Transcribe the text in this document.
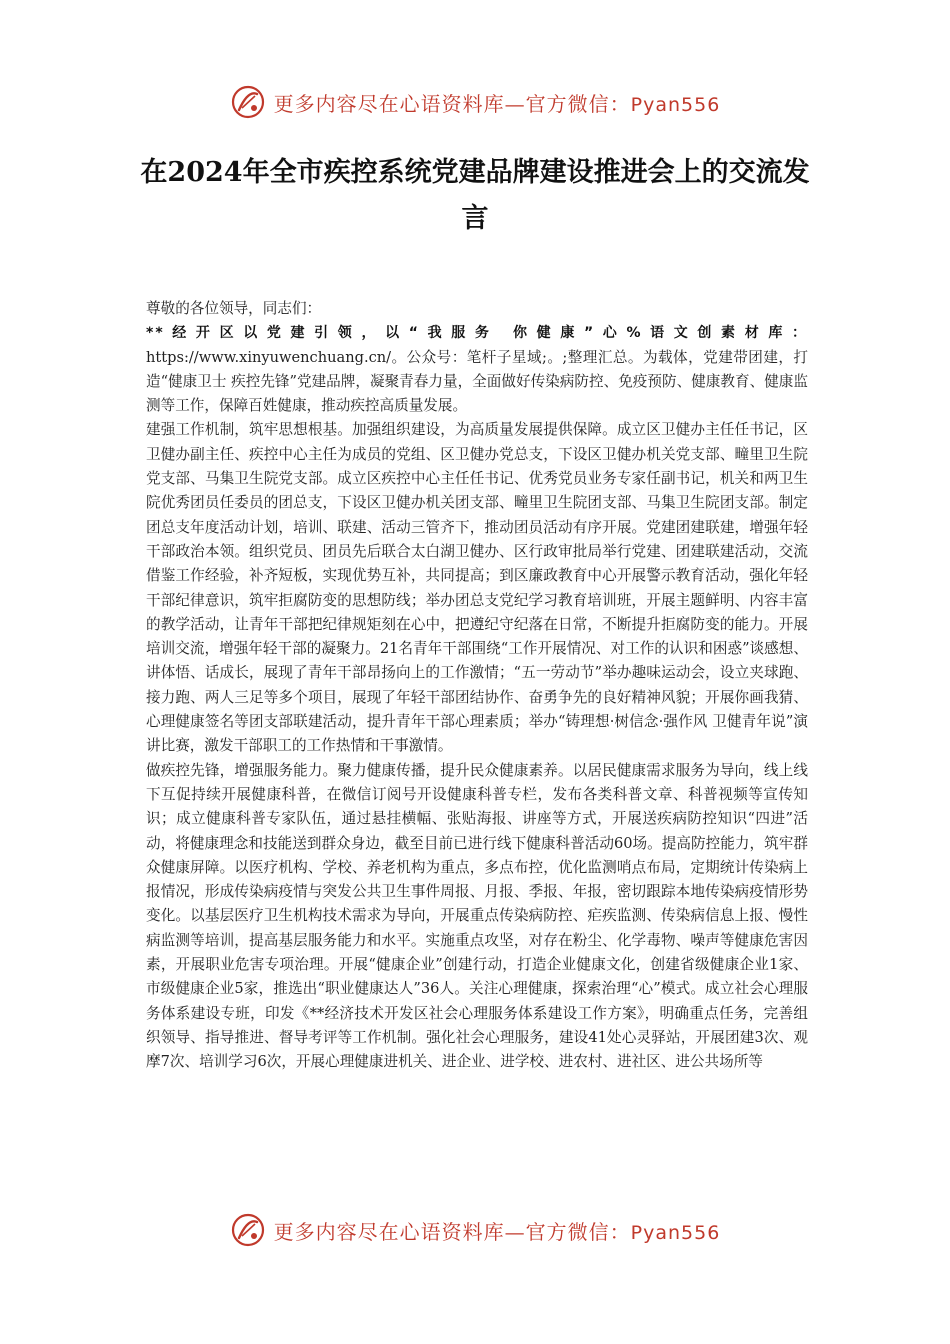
更多内容尽在心语资料库—官方微信：Pyan556
在2024年全市疾控系统党建品牌建设推进会上的交流发言

尊敬的各位领导，同志们：

**经开区以党建引领，以“我服务 你健康”心%语文创素材库：

https://www.xinyuwenchuang.cn/。公众号：笔杆子星域;。;整理汇总。为载体，党建带团建，打造“健康卫士 疾控先锋”党建品牌，凝聚青春力量，全面做好传染病防控、免疫预防、健康教育、健康监测等工作，保障百姓健康，推动疾控高质量发展。

建强工作机制，筑牢思想根基。加强组织建设，为高质量发展提供保障。成立区卫健办主任任书记，区卫健办副主任、疾控中心主任为成员的党组、区卫健办党总支，下设区卫健办机关党支部、疃里卫生院党支部、马集卫生院党支部。成立区疾控中心主任任书记、优秀党员业务专家任副书记，机关和两卫生院优秀团员任委员的团总支，下设区卫健办机关团支部、疃里卫生院团支部、马集卫生院团支部。制定团总支年度活动计划，培训、联建、活动三管齐下，推动团员活动有序开展。党建团建联建，增强年轻干部政治本领。组织党员、团员先后联合太白湖卫健办、区行政审批局举行党建、团建联建活动，交流借鉴工作经验，补齐短板，实现优势互补，共同提高；到区廉政教育中心开展警示教育活动，强化年轻干部纪律意识，筑牢拒腐防变的思想防线；举办团总支党纪学习教育培训班，开展主题鲜明、内容丰富的教学活动，让青年干部把纪律规矩刻在心中，把遵纪守纪落在日常，不断提升拒腐防变的能力。开展培训交流，增强年轻干部的凝聚力。21名青年干部围绕“工作开展情况、对工作的认识和困惑”谈感想、讲体悟、话成长，展现了青年干部昂扬向上的工作激情；“五一劳动节”举办趣味运动会，设立夹球跑、接力跑、两人三足等多个项目，展现了年轻干部团结协作、奋勇争先的良好精神风貌；开展你画我猜、心理健康签名等团支部联建活动，提升青年干部心理素质；举办“铸理想·树信念·强作风 卫健青年说”演讲比赛，激发干部职工的工作热情和干事激情。

做疾控先锋，增强服务能力。聚力健康传播，提升民众健康素养。以居民健康需求服务为导向，线上线下互促持续开展健康科普，在微信订阅号开设健康科普专栏，发布各类科普文章、科普视频等宣传知识；成立健康科普专家队伍，通过悬挂横幅、张贴海报、讲座等方式，开展送疾病防控知识“四进”活动，将健康理念和技能送到群众身边，截至目前已进行线下健康科普活动60场。提高防控能力，筑牢群众健康屏障。以医疗机构、学校、养老机构为重点，多点布控，优化监测哨点布局，定期统计传染病上报情况，形成传染病疫情与突发公共卫生事件周报、月报、季报、年报，密切跟踪本地传染病疫情形势变化。以基层医疗卫生机构技术需求为导向，开展重点传染病防控、疟疾监测、传染病信息上报、慢性病监测等培训，提高基层服务能力和水平。实施重点攻坚，对存在粉尘、化学毒物、噪声等健康危害因素，开展职业危害专项治理。开展“健康企业”创建行动，打造企业健康文化，创建省级健康企业1家、市级健康企业5家，推选出“职业健康达人”36人。关注心理健康，探索治理“心”模式。成立社会心理服务体系建设专班，印发《**经济技术开发区社会心理服务体系建设工作方案》，明确重点任务，完善组织领导、指导推进、督导考评等工作机制。强化社会心理服务，建设41处心灵驿站，开展团建3次、观摩7次、培训学习6次，开展心理健康进机关、进企业、进学校、进农村、进社区、进公共场所等

更多内容尽在心语资料库—官方微信：Pyan556
